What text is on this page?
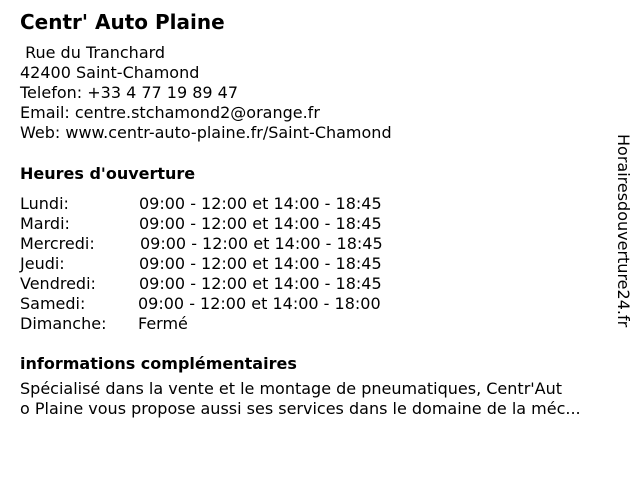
Centr' Auto Plaine
Rue du Tranchard
42400 Saint-Chamond
Telefon: +33 4 77 19 89 47
Email: centre.stchamond2@orange.fr
Web: www.centr-auto-plaine.fr/Saint-Chamond
Heures d'ouverture
Lundi:	09:00 - 12:00 et 14:00 - 18:45
Mardi:	09:00 - 12:00 et 14:00 - 18:45
Mercredi:	09:00 - 12:00 et 14:00 - 18:45
Jeudi:	09:00 - 12:00 et 14:00 - 18:45
Vendredi:	09:00 - 12:00 et 14:00 - 18:45
Samedi:	09:00 - 12:00 et 14:00 - 18:00
Dimanche: Fermé
informations complémentaires
Spécialisé dans la vente et le montage de pneumatiques, Centr'Aut
o Plaine vous propose aussi ses services dans le domaine de la méc...
Horairesdouverture24.fr
